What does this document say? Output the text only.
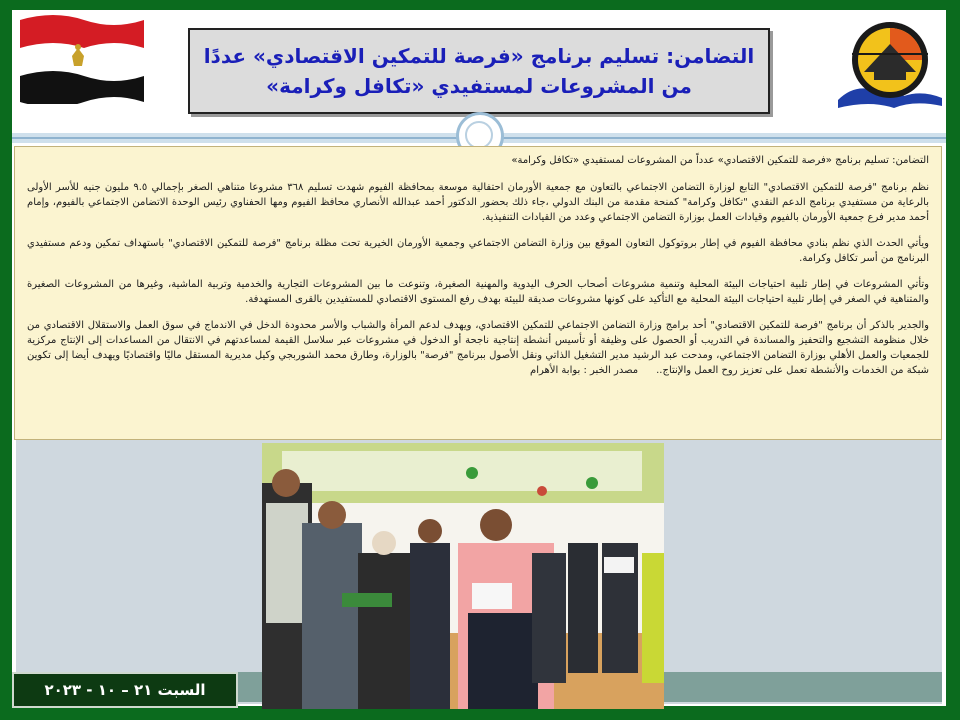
التضامن: تسليم برنامج «فرصة للتمكين الاقتصادي» عددًا من المشروعات لمستفيدي «تكافل وكرامة»

التضامن: تسليم برنامج «فرصة للتمكين الاقتصادي» عدداً من المشروعات لمستفيدي «تكافل وكرامة»

نظم برنامج "فرصة للتمكين الاقتصادي" التابع لوزارة التضامن الاجتماعي بالتعاون مع جمعية الأورمان احتفالية موسعة بمحافظة الفيوم شهدت تسليم ٣٦٨ مشروعا متناهي الصغر بإجمالي ٩.٥ مليون جنيه للأسر الأولى بالرعاية من مستفيدي برنامج الدعم النقدي "تكافل وكرامة" كمنحة مقدمة من البنك الدولي ،جاء ذلك بحضور الدكتور أحمد عبدالله الأنصاري محافظ الفيوم ومها الحفناوي رئيس الوحدة الاتضامن الاجتماعي بالفيوم، وإمام أحمد مدير فرع جمعية الأورمان بالفيوم وقيادات العمل بوزارة التضامن الاجتماعي وعدد من القيادات التنفيذية.

ويأتي الحدث الذي نظم بنادي محافظة الفيوم في إطار بروتوكول التعاون الموقع بين وزارة التضامن الاجتماعي وجمعية الأورمان الخيرية تحت مظلة برنامج "فرصة للتمكين الاقتصادي" باستهداف تمكين ودعم مستفيدي البرنامج من أسر تكافل وكرامة.

وتأتي المشروعات في إطار تلبية احتياجات البيئة المحلية وتنمية مشروعات أصحاب الحرف اليدوية والمهنية الصغيرة، وتنوعت ما بين المشروعات التجارية والخدمية وتربية الماشية، وغيرها من المشروعات الصغيرة والمتناهية في الصغر في إطار تلبية احتياجات البيئة المحلية مع التأكيد على كونها مشروعات صديقة للبيئة بهدف رفع المستوى الاقتصادي للمستفيدين بالقرى المستهدفة.

والجدير بالذكر أن برنامج "فرصة للتمكين الاقتصادي" أحد برامج وزارة التضامن الاجتماعي للتمكين الاقتصادي، ويهدف لدعم المرأة والشباب والأسر محدودة الدخل في الاندماج في سوق العمل والاستقلال الاقتصادي من خلال منظومة التشجيع والتحفيز والمساندة في التدريب أو الحصول على وظيفة أو تأسيس أنشطة إنتاجية ناجحة أو الدخول في مشروعات عبر سلاسل القيمة لمساعدتهم في الانتقال من المساعدات إلى الإنتاج مركزية للجمعيات والعمل الأهلي بوزارة التضامن الاجتماعي، ومدحت عبد الرشيد مدير التشغيل الذاتي ونقل الأصول ببرنامج "فرصة" بالوزارة، وطارق محمد الشوربجي وكيل مديرية المستقل ماليًا واقتصاديًا ويهدف أيضا إلى تكوين شبكة من الخدمات والأنشطة تعمل على تعزيز روح العمل والإنتاج..مصدر الخبر : بوابة الأهرام

السبت ٢١ – ١٠ - ٢٠٢٣
